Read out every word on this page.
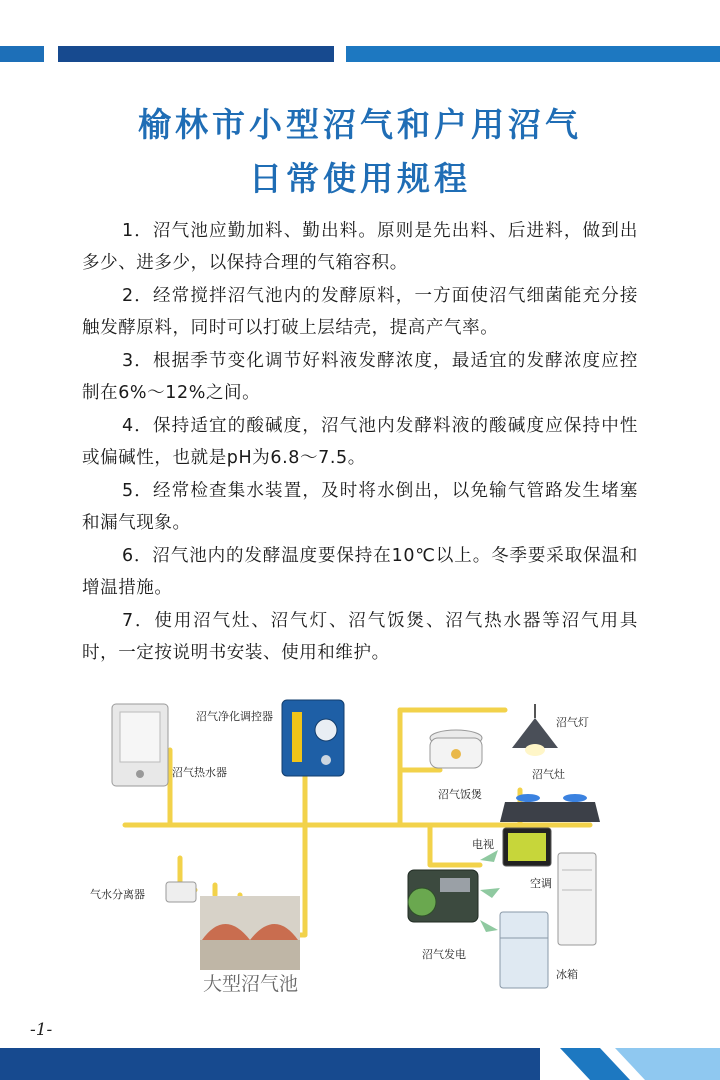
榆林市小型沼气和户用沼气
日常使用规程

1．沼气池应勤加料、勤出料。原则是先出料、后进料，做到出多少、进多少，以保持合理的气箱容积。

2．经常搅拌沼气池内的发酵原料，一方面使沼气细菌能充分接触发酵原料，同时可以打破上层结壳，提高产气率。

3．根据季节变化调节好料液发酵浓度，最适宜的发酵浓度应控制在6%～12%之间。

4．保持适宜的酸碱度，沼气池内发酵料液的酸碱度应保持中性或偏碱性，也就是pH为6.8～7.5。

5．经常检查集水装置，及时将水倒出，以免输气管路发生堵塞和漏气现象。

6．沼气池内的发酵温度要保持在10℃以上。冬季要采取保温和增温措施。

7．使用沼气灶、沼气灯、沼气饭煲、沼气热水器等沼气用具时，一定按说明书安装、使用和维护。

沼气热水器
沼气净化调控器
沼气饭煲
沼气灯
沼气灶
电视
空调
冰箱
沼气发电
气水分离器
大型沼气池
-1-
